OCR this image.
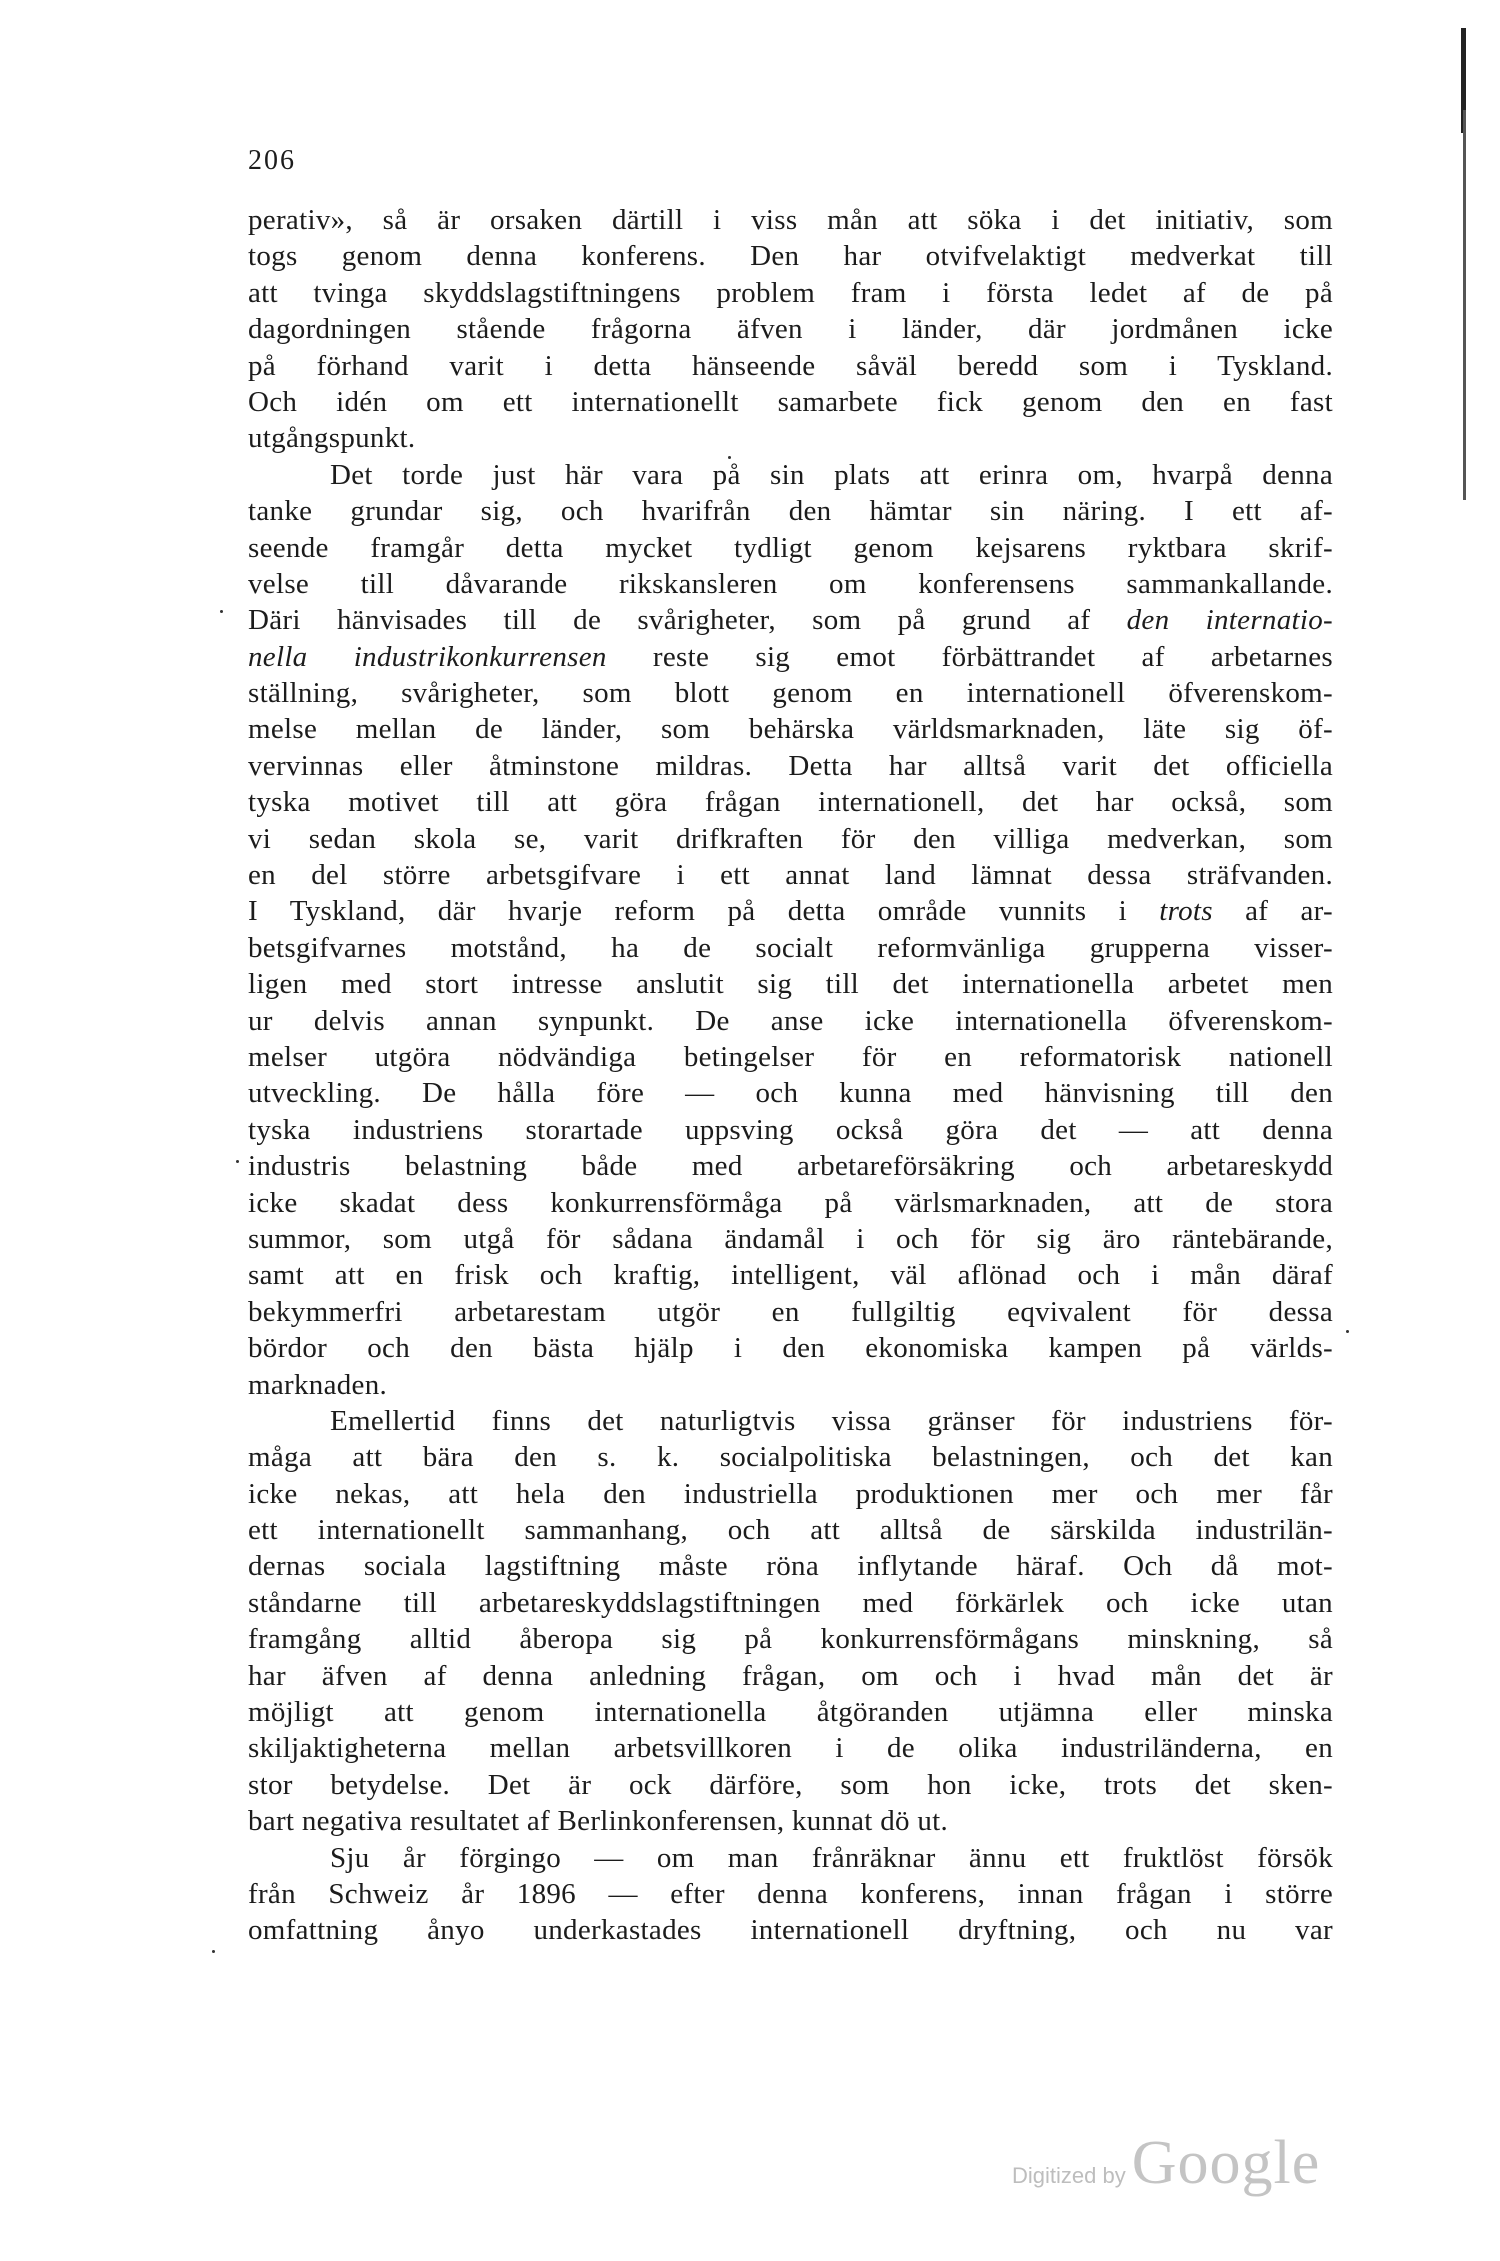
206
perativ», så är orsaken därtill i viss mån att söka i det initiativ, som
togs genom denna konferens. Den har otvifvelaktigt medverkat till
att tvinga skyddslagstiftningens problem fram i första ledet af de på
dagordningen stående frågorna äfven i länder, där jordmånen icke
på förhand varit i detta hänseende såväl beredd som i Tyskland.
Och idén om ett internationellt samarbete fick genom den en fast
utgångspunkt.
Det torde just här vara på sin plats att erinra om, hvarpå denna
tanke grundar sig, och hvarifrån den hämtar sin näring. I ett af-
seende framgår detta mycket tydligt genom kejsarens ryktbara skrif-
velse till dåvarande rikskansleren om konferensens sammankallande.
Däri hänvisades till de svårigheter, som på grund af den internatio-
nella industrikonkurrensen reste sig emot förbättrandet af arbetarnes
ställning, svårigheter, som blott genom en internationell öfverenskom-
melse mellan de länder, som behärska världsmarknaden, läte sig öf-
vervinnas eller åtminstone mildras. Detta har alltså varit det officiella
tyska motivet till att göra frågan internationell, det har också, som
vi sedan skola se, varit drifkraften för den villiga medverkan, som
en del större arbetsgifvare i ett annat land lämnat dessa sträfvanden.
I Tyskland, där hvarje reform på detta område vunnits i trots af ar-
betsgifvarnes motstånd, ha de socialt reformvänliga grupperna visser-
ligen med stort intresse anslutit sig till det internationella arbetet men
ur delvis annan synpunkt. De anse icke internationella öfverenskom-
melser utgöra nödvändiga betingelser för en reformatorisk nationell
utveckling. De hålla före — och kunna med hänvisning till den
tyska industriens storartade uppsving också göra det — att denna
industris belastning både med arbetareförsäkring och arbetareskydd
icke skadat dess konkurrensförmåga på värlsmarknaden, att de stora
summor, som utgå för sådana ändamål i och för sig äro räntebärande,
samt att en frisk och kraftig, intelligent, väl aflönad och i mån däraf
bekymmerfri arbetarestam utgör en fullgiltig eqvivalent för dessa
bördor och den bästa hjälp i den ekonomiska kampen på världs-
marknaden.
Emellertid finns det naturligtvis vissa gränser för industriens för-
måga att bära den s. k. socialpolitiska belastningen, och det kan
icke nekas, att hela den industriella produktionen mer och mer får
ett internationellt sammanhang, och att alltså de särskilda industrilän-
dernas sociala lagstiftning måste röna inflytande häraf. Och då mot-
ståndarne till arbetareskyddslagstiftningen med förkärlek och icke utan
framgång alltid åberopa sig på konkurrensförmågans minskning, så
har äfven af denna anledning frågan, om och i hvad mån det är
möjligt att genom internationella åtgöranden utjämna eller minska
skiljaktigheterna mellan arbetsvillkoren i de olika industriländerna, en
stor betydelse. Det är ock därföre, som hon icke, trots det sken-
bart negativa resultatet af Berlinkonferensen, kunnat dö ut.
Sju år förgingo — om man frånräknar ännu ett fruktlöst försök
från Schweiz år 1896 — efter denna konferens, innan frågan i större
omfattning ånyo underkastades internationell dryftning, och nu var
Digitized by Google
